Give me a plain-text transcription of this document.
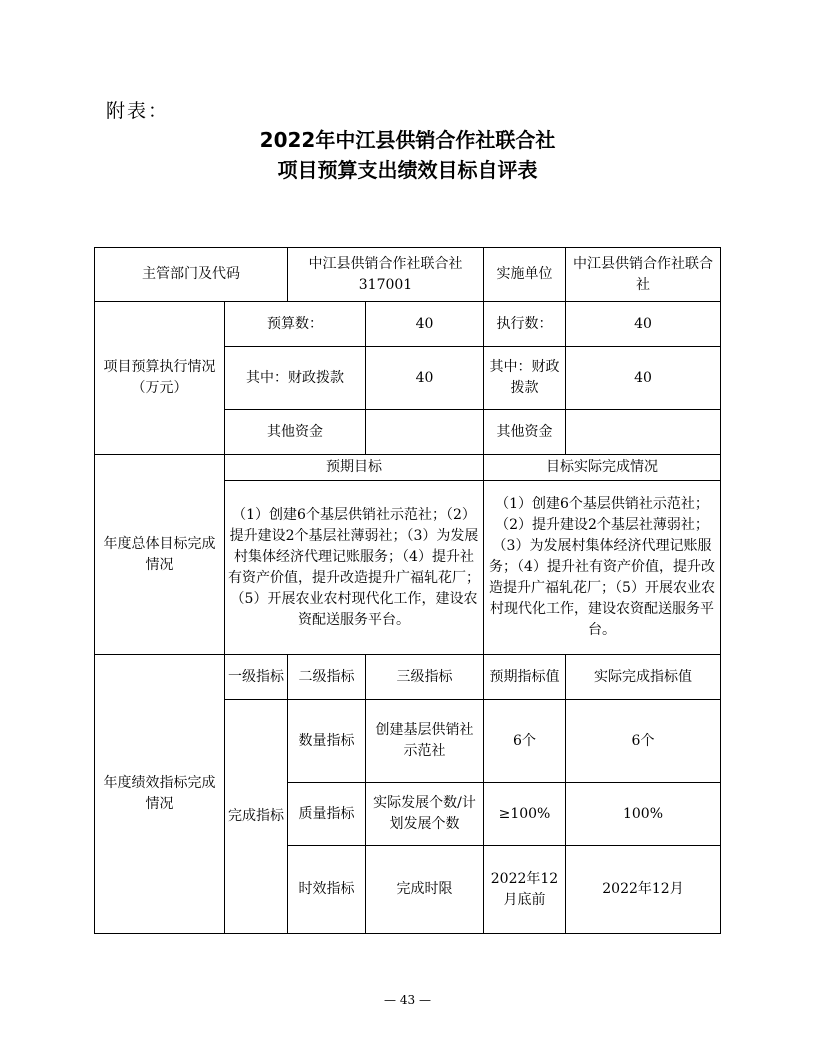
附表：
2022年中江县供销合作社联合社
项目预算支出绩效目标自评表
主管部门及代码		中江县供销合作社联合社 317001		实施单位	中江县供销合作社联合社
项目预算执行情况（万元）	预算数：		40	执行数：	40
	其中：财政拨款		40	其中：财政拨款	40
	其他资金			其他资金	
年度总体目标完成情况	预期目标			目标实际完成情况	
	（1）创建6个基层供销社示范社；（2）提升建设2个基层社薄弱社；（3）为发展村集体经济代理记账服务；（4）提升社有资产价值，提升改造提升广福轧花厂；（5）开展农业农村现代化工作，建设农资配送服务平台。			（1）创建6个基层供销社示范社；（2）提升建设2个基层社薄弱社；（3）为发展村集体经济代理记账服务；（4）提升社有资产价值，提升改造提升广福轧花厂；（5）开展农业农村现代化工作，建设农资配送服务平台。	
年度绩效指标完成情况	一级指标	二级指标	三级指标	预期指标值	实际完成指标值
	完成指标	数量指标	创建基层供销社示范社	6个	6个
		质量指标	实际发展个数/计划发展个数	≥100%	100%
		时效指标	完成时限	2022年12月底前	2022年12月
— 43 —
